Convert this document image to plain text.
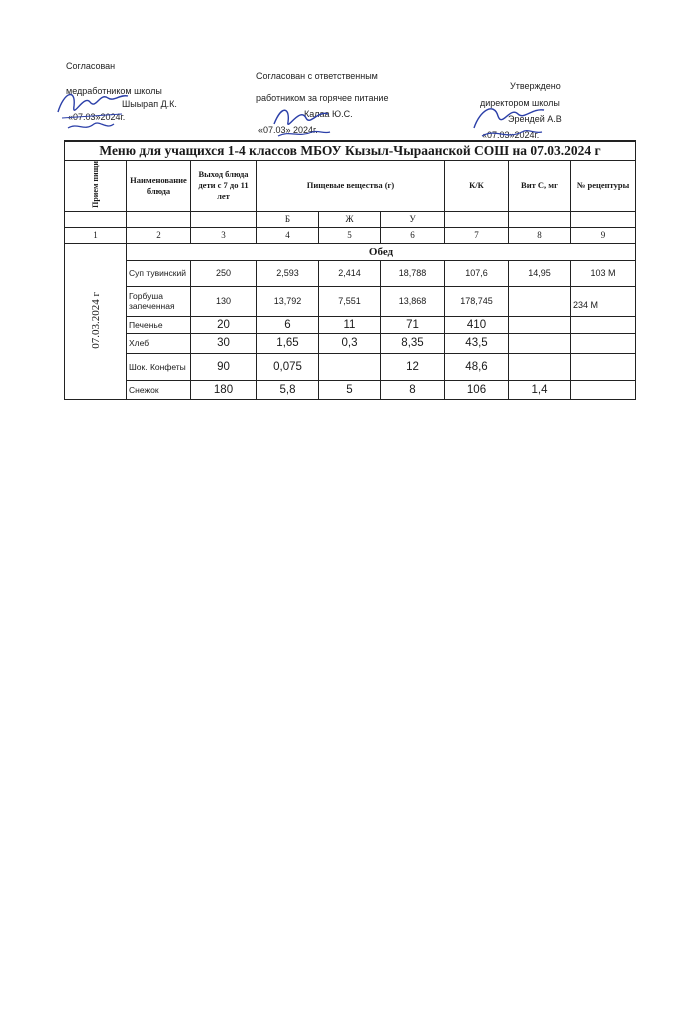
Согласован
медработником школы
Шыырап Д.К.
«07.03»2024г.
Согласован с ответственным
работником за горячее питание
Калаа Ю.С.
«07.03» 2024г.
Утверждено
директором школы
Эрендей А.В
«07.03»2024г.
Меню для учащихся 1-4 классов МБОУ Кызыл-Чыраанской СОШ на 07.03.2024 г								
Прием пищи	Наименование блюда	Выход блюда дети с 7 до 11 лет	Пищевые вещества (г)			К/К	Вит С, мг	№ рецептуры
			Б	Ж	У			
1	2	3	4	5	6	7	8	9
07.03.2024 г	Обед							
	Суп тувинский	250	2,593	2,414	18,788	107,6	14,95	103 М
	Горбуша запеченная	130	13,792	7,551	13,868	178,745		234 М

	Печенье	20	6	11	71	410		
	Хлеб	30	1,65	0,3	8,35	43,5		
	Шок. Конфеты	90	0,075		12	48,6		
	Снежок	180	5,8	5	8	106	1,4	
